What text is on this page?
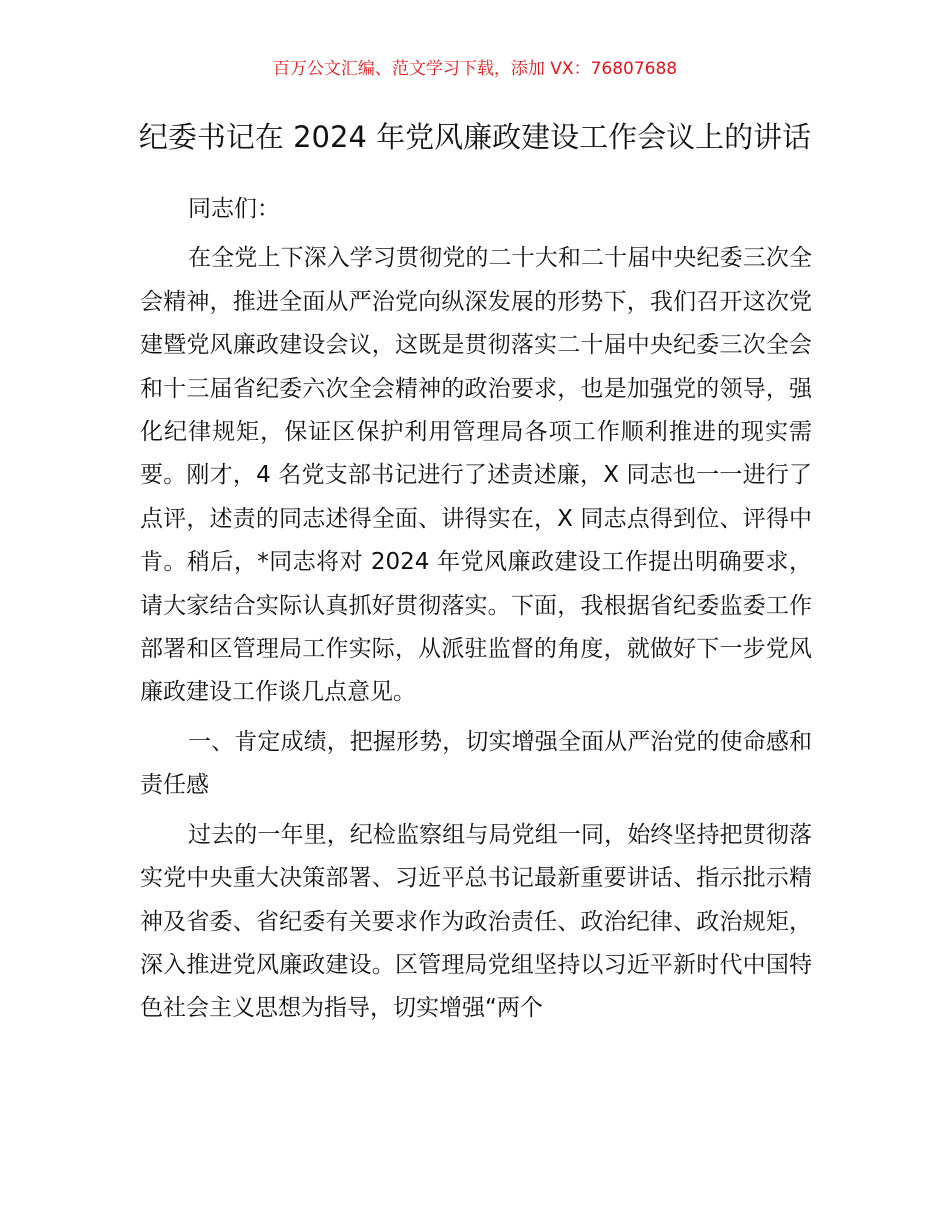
百万公文汇编、范文学习下载，添加 VX：76807688
纪委书记在 2024 年党风廉政建设工作会议上的讲话

同志们：

在全党上下深入学习贯彻党的二十大和二十届中央纪委三次全会精神，推进全面从严治党向纵深发展的形势下，我们召开这次党建暨党风廉政建设会议，这既是贯彻落实二十届中央纪委三次全会和十三届省纪委六次全会精神的政治要求，也是加强党的领导，强化纪律规矩，保证区保护利用管理局各项工作顺利推进的现实需要。刚才，4 名党支部书记进行了述责述廉，X 同志也一一进行了点评，述责的同志述得全面、讲得实在，X 同志点得到位、评得中肯。稍后，*同志将对 2024 年党风廉政建设工作提出明确要求，请大家结合实际认真抓好贯彻落实。下面，我根据省纪委监委工作部署和区管理局工作实际，从派驻监督的角度，就做好下一步党风廉政建设工作谈几点意见。

一、肯定成绩，把握形势，切实增强全面从严治党的使命感和责任感

过去的一年里，纪检监察组与局党组一同，始终坚持把贯彻落实党中央重大决策部署、习近平总书记最新重要讲话、指示批示精神及省委、省纪委有关要求作为政治责任、政治纪律、政治规矩，深入推进党风廉政建设。区管理局党组坚持以习近平新时代中国特色社会主义思想为指导，切实增强“两个
